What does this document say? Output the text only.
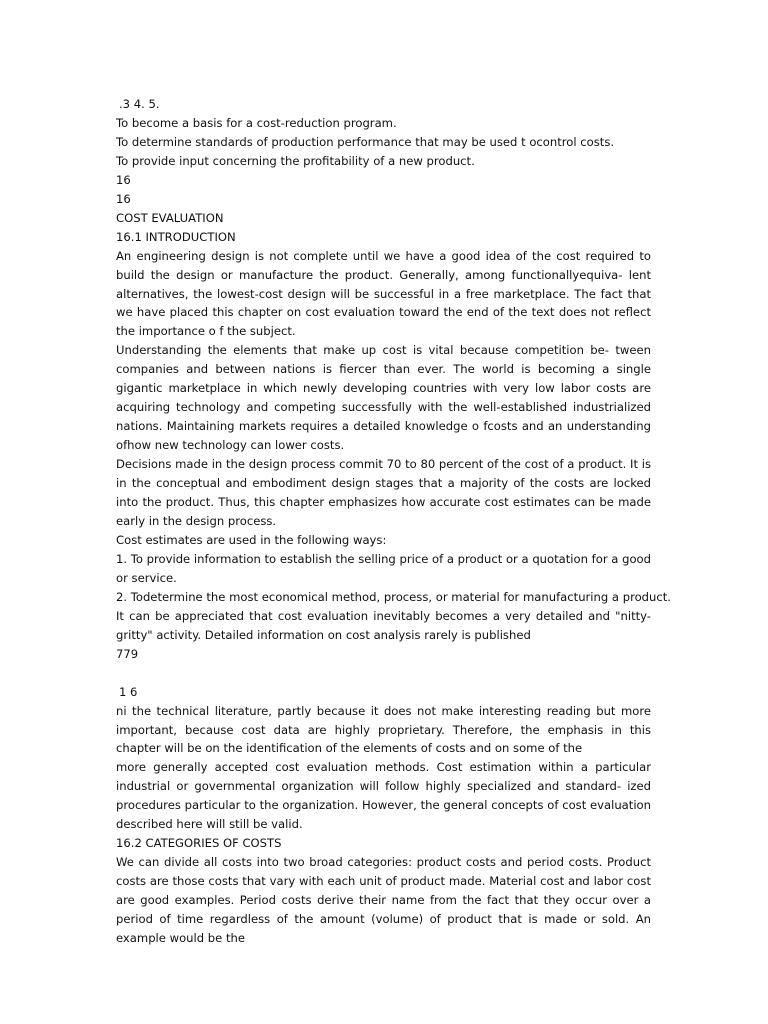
.3 4. 5.

To become a basis for a cost-reduction program.

To determine standards of production performance that may be used t ocontrol costs.

To provide input concerning the profitability of a new product.

16

16

COST EVALUATION

16.1 INTRODUCTION

An engineering design is not complete until we have a good idea of the cost required to build the design or manufacture the product. Generally, among functionallyequiva- lent alternatives, the lowest-cost design will be successful in a free marketplace. The fact that we have placed this chapter on cost evaluation toward the end of the text does not reflect the importance o f the subject.

Understanding the elements that make up cost is vital because competition be- tween companies and between nations is fiercer than ever. The world is becoming a single gigantic marketplace in which newly developing countries with very low labor costs are acquiring technology and competing successfully with the well-established industrialized nations. Maintaining markets requires a detailed knowledge o fcosts and an understanding ofhow new technology can lower costs.

Decisions made in the design process commit 70 to 80 percent of the cost of a product. It is in the conceptual and embodiment design stages that a majority of the costs are locked into the product. Thus, this chapter emphasizes how accurate cost estimates can be made early in the design process.

Cost estimates are used in the following ways:

1. To provide information to establish the selling price of a product or a quotation for a good or service.

2. Todetermine the most economical method, process, or material for manufacturing a product.

It can be appreciated that cost evaluation inevitably becomes a very detailed and "nitty-gritty" activity. Detailed information on cost analysis rarely is published

779

1 6

ni the technical literature, partly because it does not make interesting reading but more important, because cost data are highly proprietary. Therefore, the emphasis in this chapter will be on the identification of the elements of costs and on some of the

more generally accepted cost evaluation methods. Cost estimation within a particular industrial or governmental organization will follow highly specialized and standard- ized procedures particular to the organization. However, the general concepts of cost evaluation described here will still be valid.

16.2 CATEGORIES OF COSTS

We can divide all costs into two broad categories: product costs and period costs. Product costs are those costs that vary with each unit of product made. Material cost and labor cost are good examples. Period costs derive their name from the fact that they occur over a period of time regardless of the amount (volume) of product that is made or sold. An example would be the
